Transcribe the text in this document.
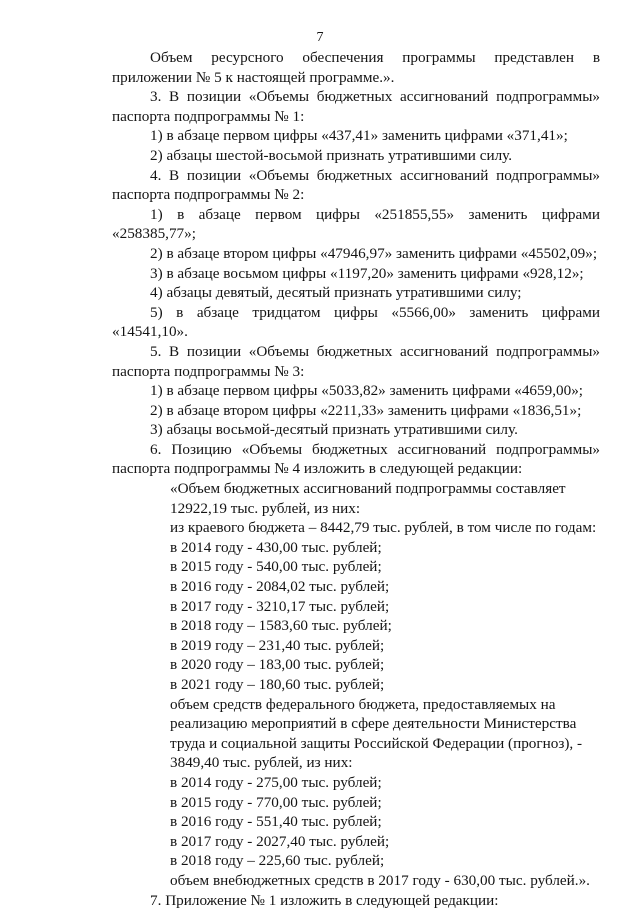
7

Объем ресурсного обеспечения программы представлен в приложении № 5 к настоящей программе.».

3. В позиции «Объемы бюджетных ассигнований подпрограммы» паспорта подпрограммы № 1:

1) в абзаце первом цифры «437,41» заменить цифрами «371,41»;

2) абзацы шестой-восьмой признать утратившими силу.

4. В позиции «Объемы бюджетных ассигнований подпрограммы» паспорта подпрограммы № 2:

1) в абзаце первом цифры «251855,55» заменить цифрами «258385,77»;

2) в абзаце втором цифры «47946,97» заменить цифрами «45502,09»;

3) в абзаце восьмом цифры «1197,20» заменить цифрами «928,12»;

4) абзацы девятый, десятый признать утратившими силу;

5) в абзаце тридцатом цифры «5566,00» заменить цифрами «14541,10».

5. В позиции «Объемы бюджетных ассигнований подпрограммы» паспорта подпрограммы № 3:

1) в абзаце первом цифры «5033,82» заменить цифрами «4659,00»;

2) в абзаце втором цифры «2211,33» заменить цифрами «1836,51»;

3) абзацы восьмой-десятый признать утратившими силу.

6. Позицию «Объемы бюджетных ассигнований подпрограммы» паспорта подпрограммы № 4 изложить в следующей редакции:

«Объем бюджетных ассигнований подпрограммы составляет

12922,19 тыс. рублей, из них:

из краевого бюджета – 8442,79 тыс. рублей, в том числе по годам:

в 2014 году - 430,00 тыс. рублей;

в 2015 году - 540,00 тыс. рублей;

в 2016 году - 2084,02 тыс. рублей;

в 2017 году - 3210,17 тыс. рублей;

в 2018 году – 1583,60 тыс. рублей;

в 2019 году – 231,40 тыс. рублей;

в 2020 году – 183,00 тыс. рублей;

в 2021 году – 180,60 тыс. рублей;

объем средств федерального бюджета, предоставляемых на

реализацию мероприятий в сфере деятельности Министерства

труда и социальной защиты Российской Федерации (прогноз), -

3849,40 тыс. рублей, из них:

в 2014 году - 275,00 тыс. рублей;

в 2015 году - 770,00 тыс. рублей;

в 2016 году - 551,40 тыс. рублей;

в 2017 году - 2027,40 тыс. рублей;

в 2018 году – 225,60 тыс. рублей;

объем внебюджетных средств в 2017 году - 630,00 тыс. рублей.».

7. Приложение № 1 изложить в следующей редакции:
